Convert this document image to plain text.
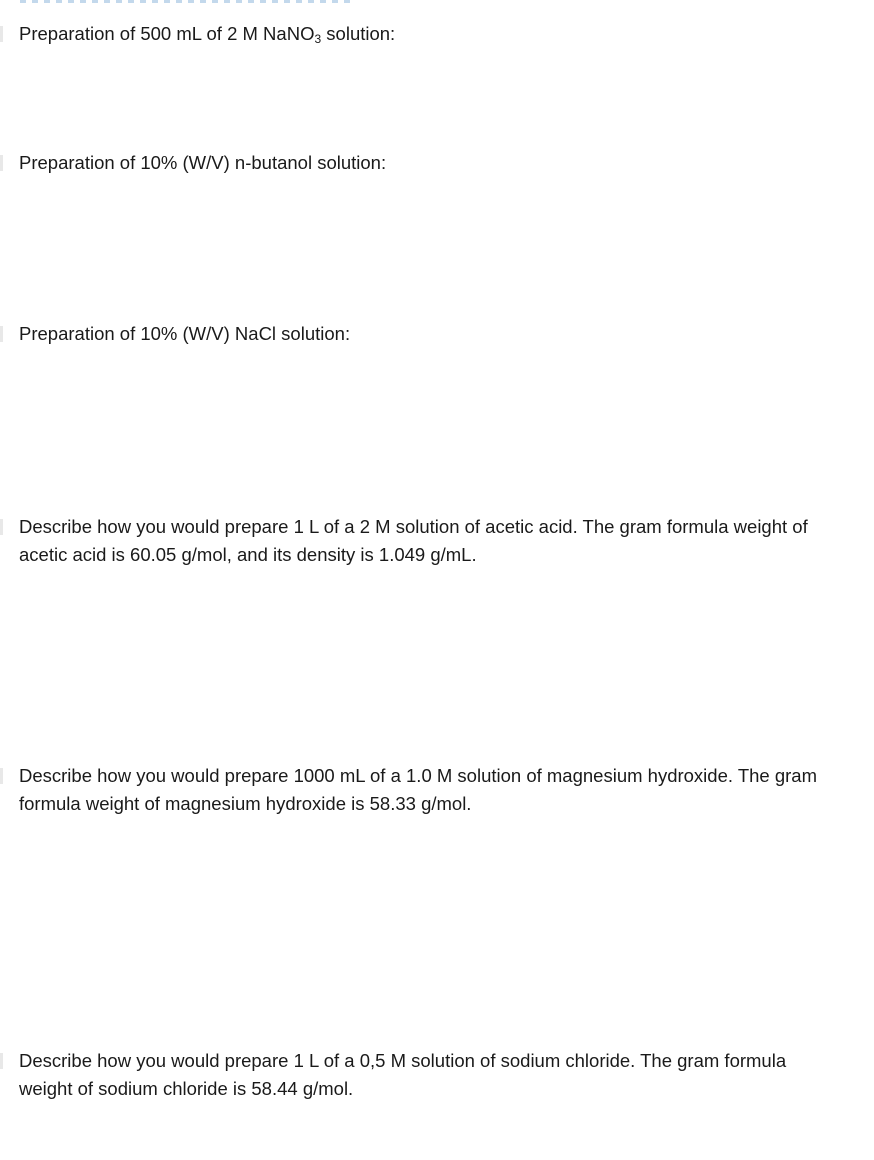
Preparation of 500 mL of 2 M NaNO$_3$ solution:

Preparation of 10% (W/V) n-butanol solution:

Preparation of 10% (W/V) NaCl solution:

Describe how you would prepare 1 L of a 2 M solution of acetic acid. The gram formula weight of acetic acid is 60.05 g/mol, and its density is 1.049 g/mL.

Describe how you would prepare 1000 mL of a 1.0 M solution of magnesium hydroxide. The gram formula weight of magnesium hydroxide is 58.33 g/mol.

Describe how you would prepare 1 L of a 0,5 M solution of sodium chloride. The gram formula weight of sodium chloride is 58.44 g/mol.
